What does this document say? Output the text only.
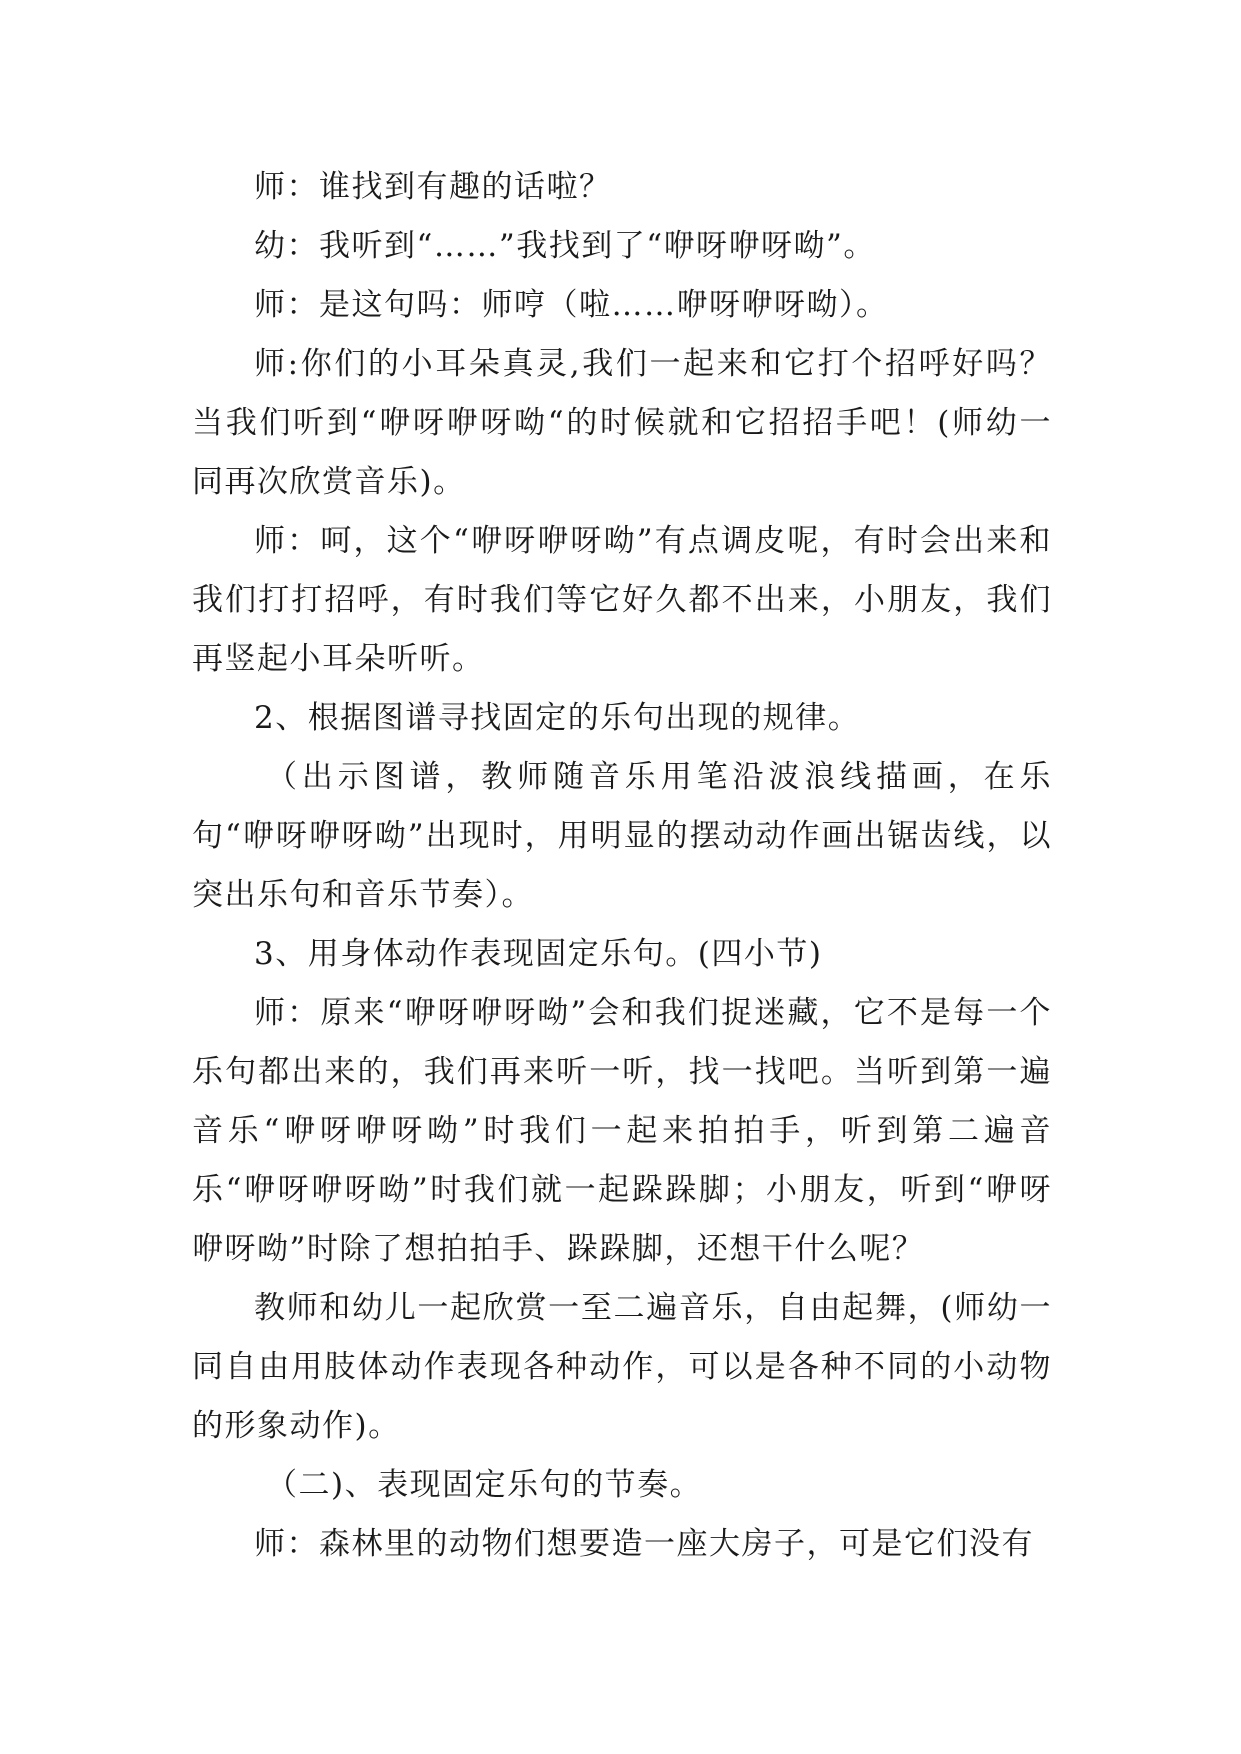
师：谁找到有趣的话啦？

幼：我听到“……”我找到了“咿呀咿呀呦”。

师：是这句吗：师哼（啦……咿呀咿呀呦）。

师:你们的小耳朵真灵,我们一起来和它打个招呼好吗？当我们听到“咿呀咿呀呦“的时候就和它招招手吧！(师幼一同再次欣赏音乐)。

师：呵，这个“咿呀咿呀呦”有点调皮呢，有时会出来和我们打打招呼，有时我们等它好久都不出来，小朋友，我们再竖起小耳朵听听。

2、根据图谱寻找固定的乐句出现的规律。

（出示图谱，教师随音乐用笔沿波浪线描画，在乐句“咿呀咿呀呦”出现时，用明显的摆动动作画出锯齿线，以突出乐句和音乐节奏）。

3、用身体动作表现固定乐句。(四小节)

师：原来“咿呀咿呀呦”会和我们捉迷藏，它不是每一个乐句都出来的，我们再来听一听，找一找吧。当听到第一遍音乐“咿呀咿呀呦”时我们一起来拍拍手，听到第二遍音乐“咿呀咿呀呦”时我们就一起跺跺脚；小朋友，听到“咿呀咿呀呦”时除了想拍拍手、跺跺脚，还想干什么呢？

教师和幼儿一起欣赏一至二遍音乐，自由起舞，(师幼一同自由用肢体动作表现各种动作，可以是各种不同的小动物的形象动作)。

（二)、表现固定乐句的节奏。

师：森林里的动物们想要造一座大房子，可是它们没有
